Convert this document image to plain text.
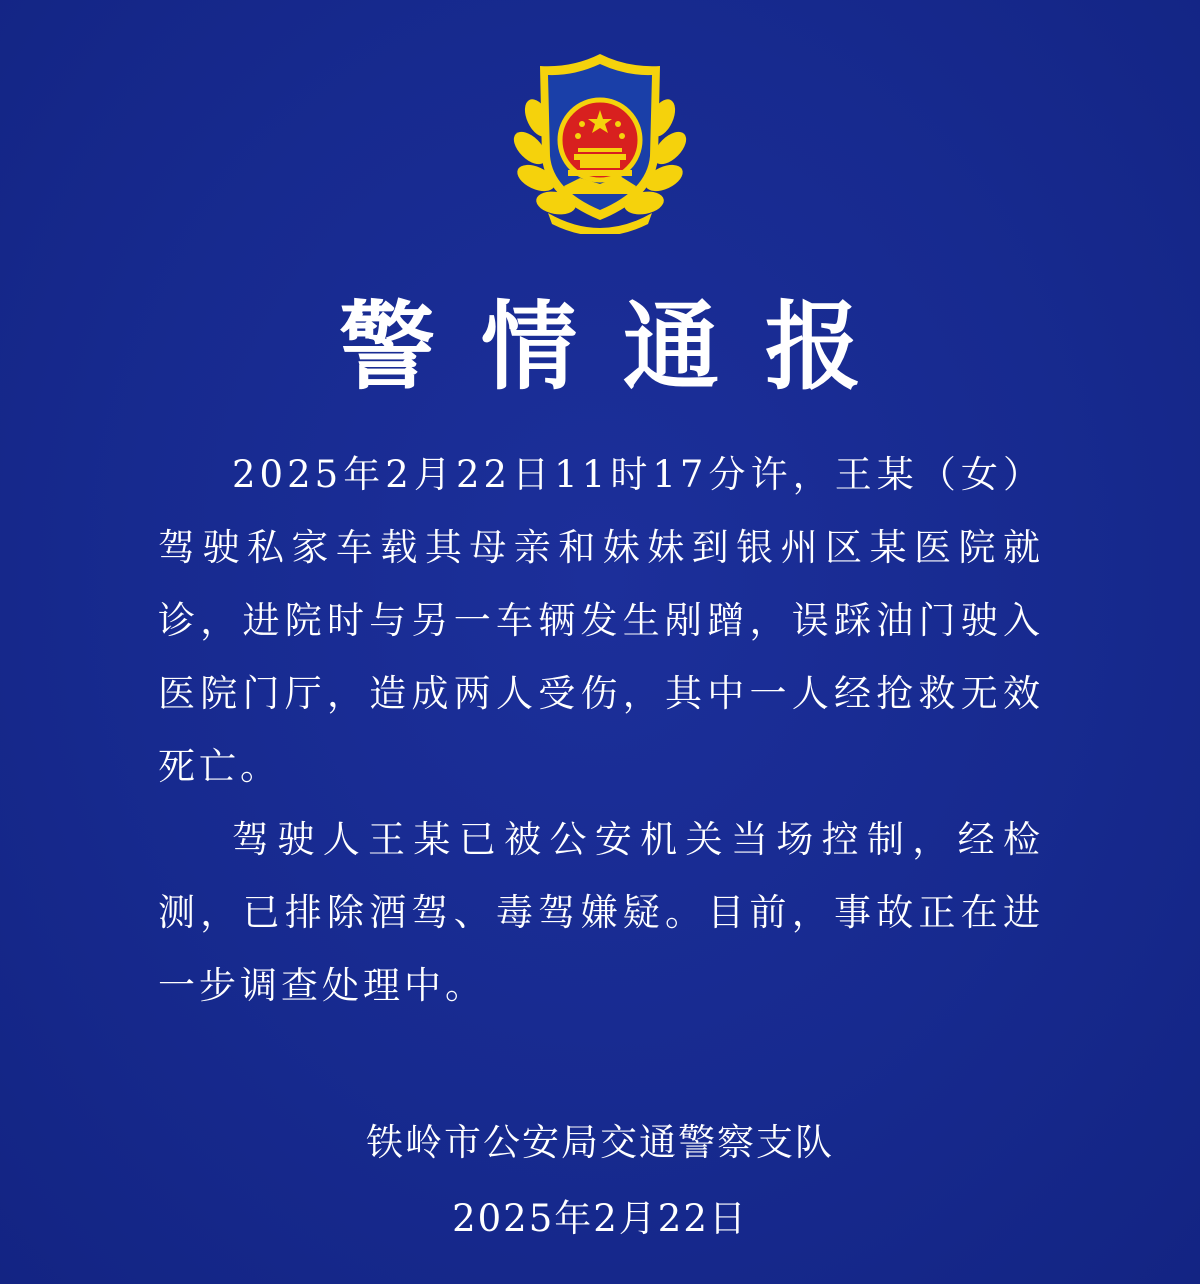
警情通报

2025年2月22日11时17分许，王某（女）驾驶私家车载其母亲和妹妹到银州区某医院就诊，进院时与另一车辆发生剐蹭，误踩油门驶入医院门厅，造成两人受伤，其中一人经抢救无效死亡。

驾驶人王某已被公安机关当场控制，经检测，已排除酒驾、毒驾嫌疑。目前，事故正在进一步调查处理中。

铁岭市公安局交通警察支队
2025年2月22日
